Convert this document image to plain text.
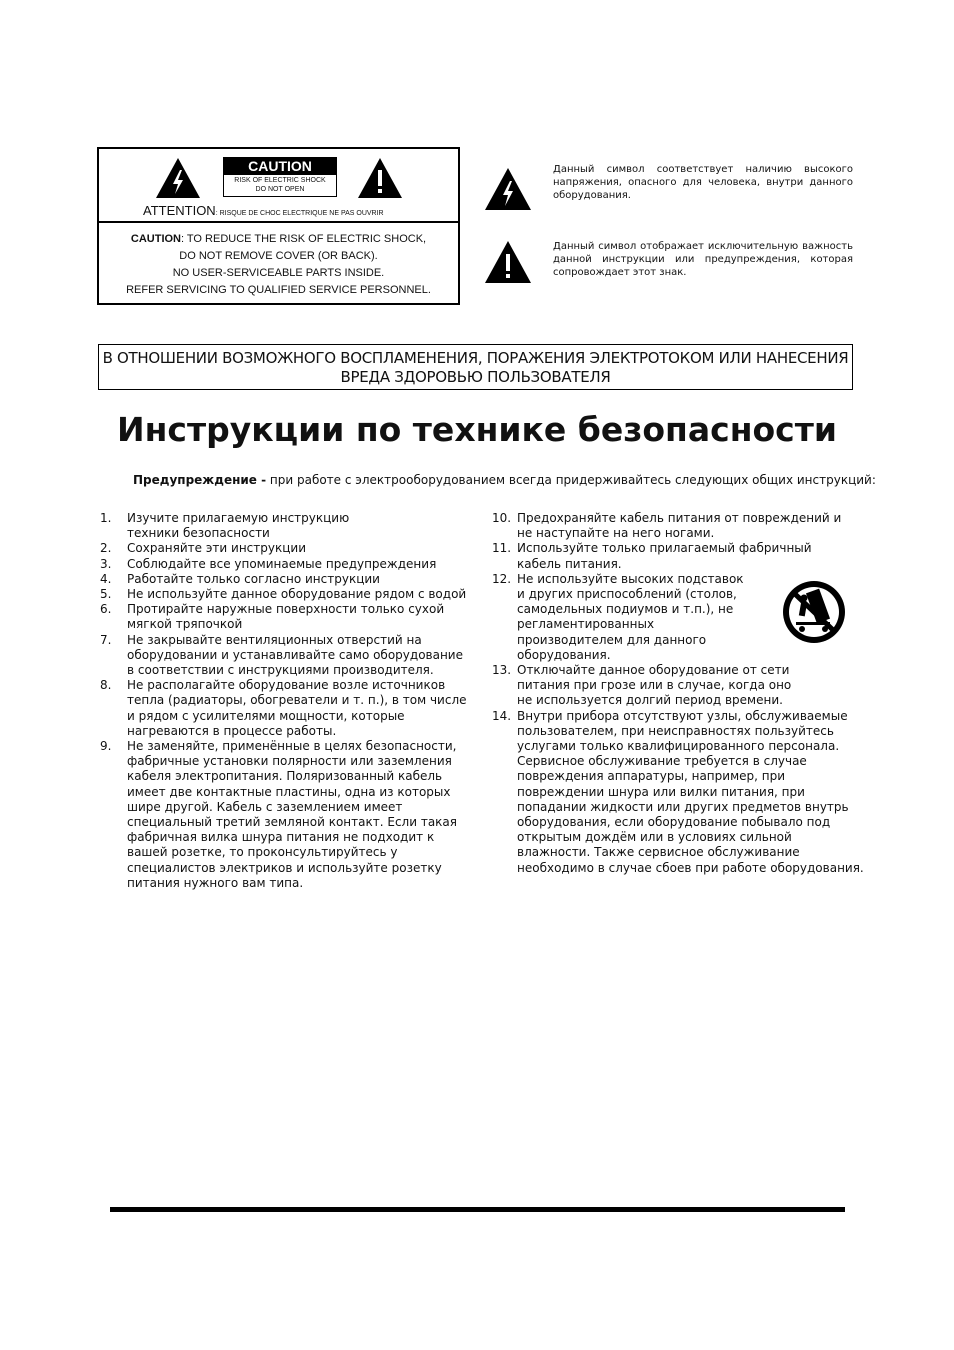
CAUTION
RISK OF ELECTRIC SHOCK
DO NOT OPEN
ATTENTION: RISQUE DE CHOC ELECTRIQUE NE PAS OUVRIR
CAUTION: TO REDUCE THE RISK OF ELECTRIC SHOCK,
DO NOT REMOVE COVER (OR BACK).
NO USER-SERVICEABLE PARTS INSIDE.
REFER SERVICING TO QUALIFIED SERVICE PERSONNEL.
Данный символ соответствует наличию высокого напряжения, опасного для человека, внутри данного оборудования.
Данный символ отображает исключительную важность данной инструкции или предупреждения, которая сопровождает этот знак.
В ОТНОШЕНИИ ВОЗМОЖНОГО ВОСПЛАМЕНЕНИЯ, ПОРАЖЕНИЯ ЭЛЕКТРОТОКОМ ИЛИ НАНЕСЕНИЯ
ВРЕДА ЗДОРОВЬЮ ПОЛЬЗОВАТЕЛЯ
Инструкции по технике безопасности
Предупреждение - при работе с электрооборудованием всегда придерживайтесь следующих общих инструкций:
1. Изучите прилагаемую инструкцию техники безопасности
2. Сохраняйте эти инструкции
3. Соблюдайте все упоминаемые предупреждения
4. Работайте только согласно инструкции
5. Не используйте данное оборудование рядом с водой
6. Протирайте наружные поверхности только сухой мягкой тряпочкой
7. Не закрывайте вентиляционных отверстий на оборудовании и устанавливайте само оборудование в соответствии с инструкциями производителя.
8. Не располагайте оборудование возле источников тепла (радиаторы, обогреватели и т. п.), в том числе и рядом с усилителями мощности, которые нагреваются в процессе работы.
9. Не заменяйте, применённые в целях безопасности, фабричные установки полярности или заземления кабеля электропитания. Поляризованный кабель имеет две контактные пластины, одна из которых шире другой. Кабель с заземлением имеет специальный третий земляной контакт. Если такая фабричная вилка шнура питания не подходит к вашей розетке, то проконсультируйтесь у специалистов электриков и используйте розетку питания нужного вам типа.
10. Предохраняйте кабель питания от повреждений и не наступайте на него ногами.
11. Используйте только прилагаемый фабричный кабель питания.
12. Не используйте высоких подставок и других приспособлений (столов, самодельных подиумов и т.п.), не регламентированных производителем для данного оборудования.
13. Отключайте данное оборудование от сети питания при грозе или в случае, когда оно не используется долгий период времени.
14. Внутри прибора отсутствуют узлы, обслуживаемые пользователем, при неисправностях пользуйтесь услугами только квалифицированного персонала. Сервисное обслуживание требуется в случае повреждения аппаратуры, например, при повреждении шнура или вилки питания, при попадании жидкости или других предметов внутрь оборудования, если оборудование побывало под открытым дождём или в условиях сильной влажности. Также сервисное обслуживание необходимо в случае сбоев при работе оборудования.
